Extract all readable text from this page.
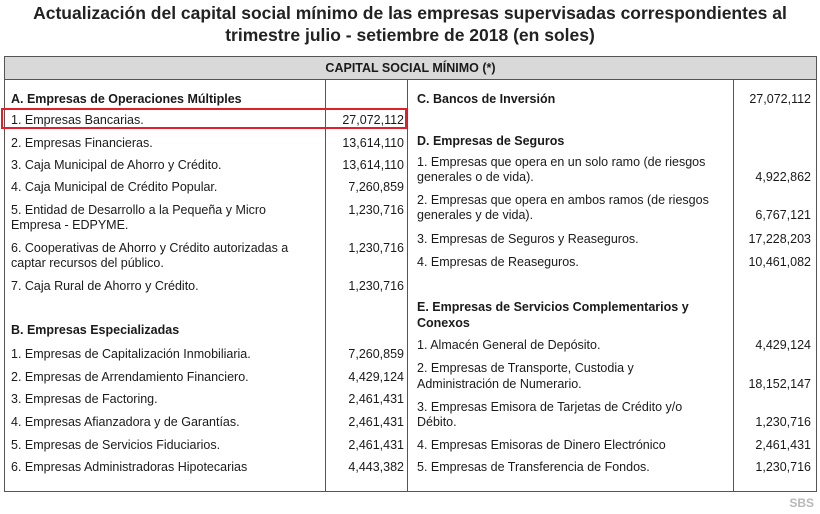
Actualización del capital social mínimo de las empresas supervisadas correspondientes al
trimestre julio - setiembre de 2018 (en soles)
CAPITAL SOCIAL MÍNIMO (*)
A. Empresas de Operaciones Múltiples
1. Empresas Bancarias.	27,072,112
2. Empresas Financieras.	13,614,110
3. Caja Municipal de Ahorro y Crédito.	13,614,110
4. Caja Municipal de Crédito Popular.	7,260,859
5. Entidad de Desarrollo a la Pequeña y Micro	1,230,716
Empresa - EDPYME.
6. Cooperativas de Ahorro y Crédito autorizadas a	1,230,716
captar recursos del público.
7. Caja Rural de Ahorro y Crédito.	1,230,716
B. Empresas Especializadas
1. Empresas de Capitalización Inmobiliaria.	7,260,859
2. Empresas de Arrendamiento Financiero.	4,429,124
3. Empresas de Factoring.	2,461,431
4. Empresas Afianzadora y de Garantías.	2,461,431
5. Empresas de Servicios Fiduciarios.	2,461,431
6. Empresas Administradoras Hipotecarias	4,443,382
C. Bancos de Inversión	27,072,112
D. Empresas de Seguros
1. Empresas que opera en un solo ramo (de riesgos
generales o de vida).	4,922,862
2. Empresas que opera en ambos ramos (de riesgos
generales y de vida).	6,767,121
3. Empresas de Seguros y Reaseguros.	17,228,203
4. Empresas de Reaseguros.	10,461,082
E. Empresas de Servicios Complementarios y
Conexos
1. Almacén General de Depósito.	4,429,124
2. Empresas de Transporte, Custodia y
Administración de Numerario.	18,152,147
3. Empresas Emisora de Tarjetas de Crédito y/o
Débito.	1,230,716
4. Empresas Emisoras de Dinero Electrónico	2,461,431
5. Empresas de Transferencia de Fondos.	1,230,716
SBS
